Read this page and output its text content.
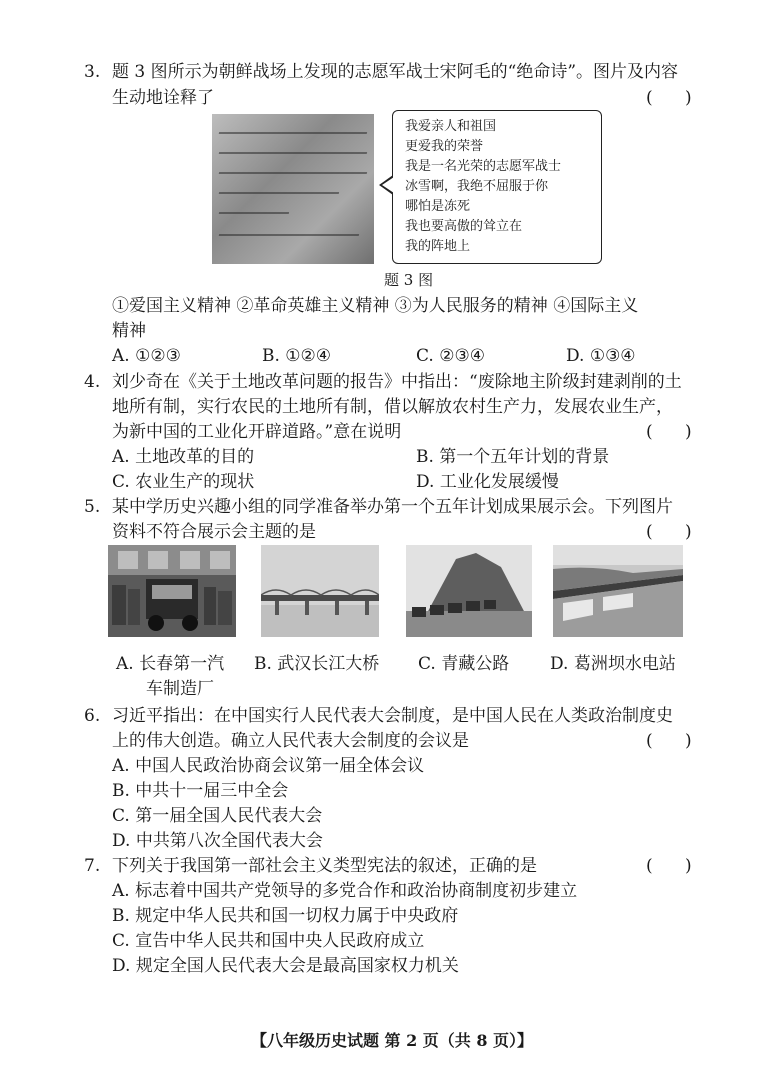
3. 题 3 图所示为朝鲜战场上发现的志愿军战士宋阿毛的“绝命诗”。图片及内容
生动地诠释了	(      )
我爱亲人和祖国
更爱我的荣誉
我是一名光荣的志愿军战士
冰雪啊，我绝不屈服于你
哪怕是冻死
我也要高傲的耸立在
我的阵地上
题 3 图
①爱国主义精神 ②革命英雄主义精神 ③为人民服务的精神 ④国际主义
精神
A. ①②③	B. ①②④	C. ②③④	D. ①③④
4. 刘少奇在《关于土地改革问题的报告》中指出：“废除地主阶级封建剥削的土
地所有制，实行农民的土地所有制，借以解放农村生产力，发展农业生产，
为新中国的工业化开辟道路。”意在说明	(      )
A. 土地改革的目的	B. 第一个五年计划的背景
C. 农业生产的现状	D. 工业化发展缓慢
5. 某中学历史兴趣小组的同学准备举办第一个五年计划成果展示会。下列图片
资料不符合展示会主题的是	(      )
A. 长春第一汽
车制造厂
B. 武汉长江大桥 C. 青藏公路 D. 葛洲坝水电站
6. 习近平指出：在中国实行人民代表大会制度，是中国人民在人类政治制度史
上的伟大创造。确立人民代表大会制度的会议是	(      )
A. 中国人民政治协商会议第一届全体会议
B. 中共十一届三中全会
C. 第一届全国人民代表大会
D. 中共第八次全国代表大会
7. 下列关于我国第一部社会主义类型宪法的叙述，正确的是	(      )
A. 标志着中国共产党领导的多党合作和政治协商制度初步建立
B. 规定中华人民共和国一切权力属于中央政府
C. 宣告中华人民共和国中央人民政府成立
D. 规定全国人民代表大会是最高国家权力机关
【八年级历史试题 第 2 页（共 8 页）】
